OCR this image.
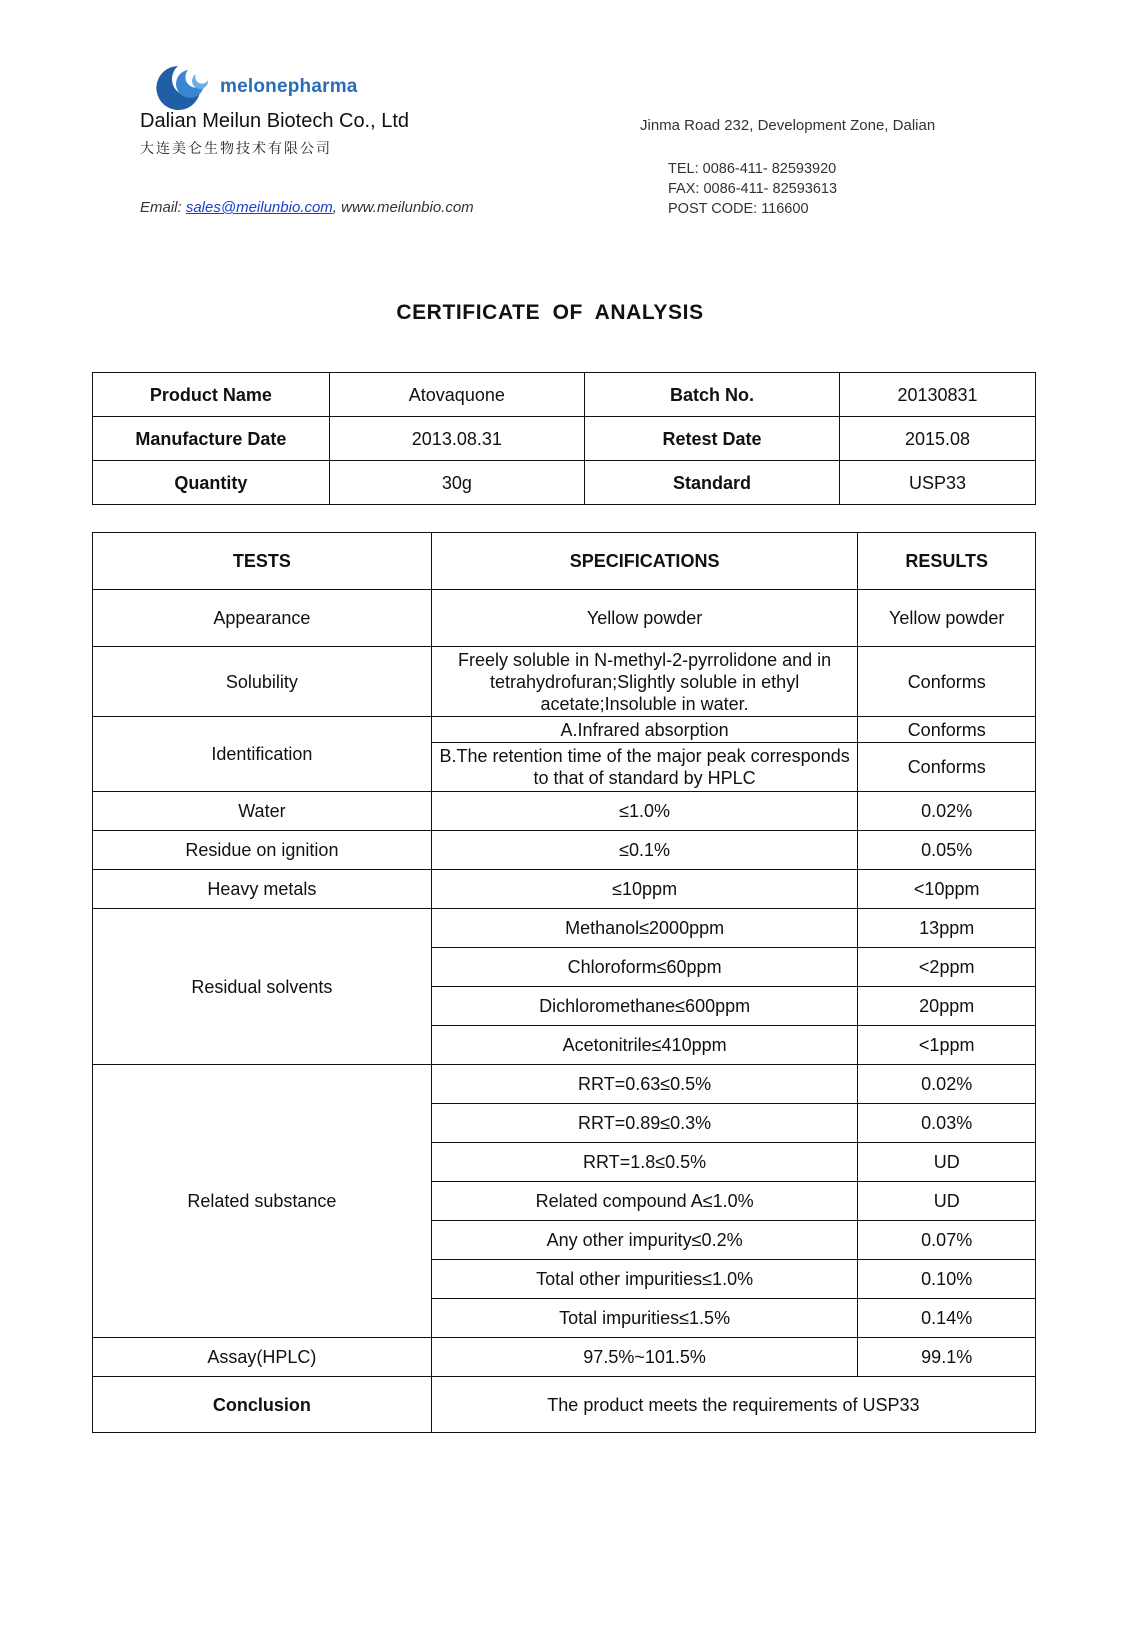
melonepharma
Dalian Meilun Biotech Co., Ltd
大连美仑生物技术有限公司
Jinma Road 232, Development Zone, Dalian
TEL: 0086-411- 82593920
FAX: 0086-411- 82593613
POST CODE: 116600
Email: sales@meilunbio.com, www.meilunbio.com
CERTIFICATE OF ANALYSIS
Product Name	Atovaquone	Batch No.	20130831
Manufacture Date	2013.08.31	Retest Date	2015.08
Quantity	30g	Standard	USP33
TESTS	SPECIFICATIONS	RESULTS
Appearance	Yellow powder	Yellow powder
Solubility	Freely soluble in N-methyl-2-pyrrolidone and in tetrahydrofuran;Slightly soluble in ethyl acetate;Insoluble in water.	Conforms
Identification	A.Infrared absorption	Conforms
	B.The retention time of the major peak corresponds to that of standard by HPLC	Conforms
Water	≤1.0%	0.02%
Residue on ignition	≤0.1%	0.05%
Heavy metals	≤10ppm	<10ppm
Residual solvents	Methanol≤2000ppm	13ppm
	Chloroform≤60ppm	<2ppm
	Dichloromethane≤600ppm	20ppm
	Acetonitrile≤410ppm	<1ppm
Related substance	RRT=0.63≤0.5%	0.02%
	RRT=0.89≤0.3%	0.03%
	RRT=1.8≤0.5%	UD
	Related compound A≤1.0%	UD
	Any other impurity≤0.2%	0.07%
	Total other impurities≤1.0%	0.10%
	Total impurities≤1.5%	0.14%
Assay(HPLC)	97.5%~101.5%	99.1%
Conclusion	The product meets the requirements of USP33	
